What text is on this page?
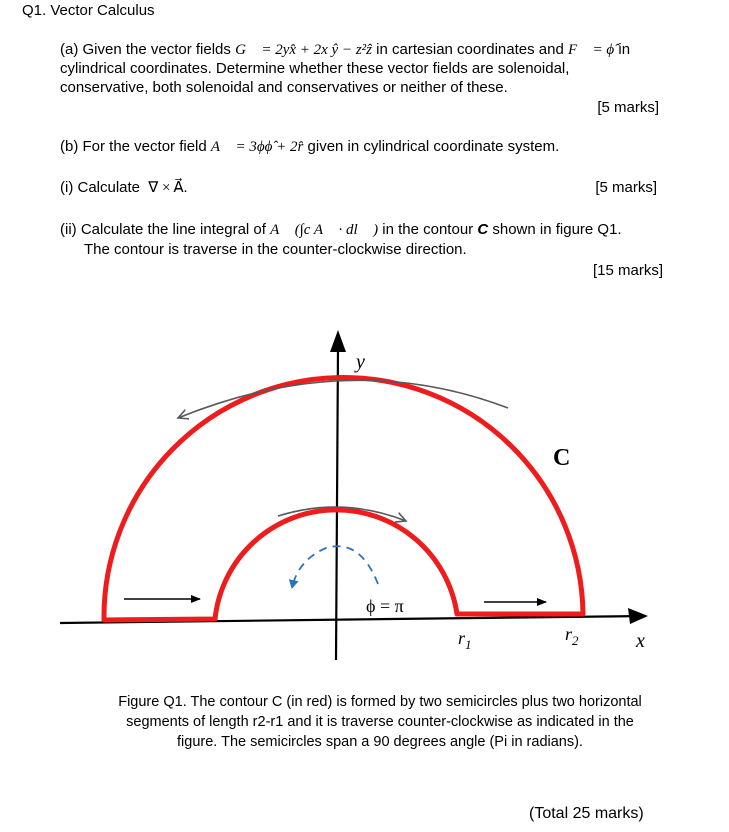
Q1. Vector Calculus
(a) Given the vector fields G⃗ = 2yx̂ + 2x ŷ − z²ẑ in cartesian coordinates and F⃗ = ϕ̂ in
cylindrical coordinates. Determine whether these vector fields are solenoidal,
conservative, both solenoidal and conservatives or neither of these.
[5 marks]
(b) For the vector field A⃗ = 3ϕϕ̂ + 2r̂ given in cylindrical coordinate system.
(i) Calculate ∇ × A⃗.	[5 marks]
(ii) Calculate the line integral of A⃗ (∫c A⃗ · dl⃗ ) in the contour C shown in figure Q1.
The contour is traverse in the counter-clockwise direction.
[15 marks]
y
x
C
ϕ = π
$r_1$
$r_2$
Figure Q1. The contour C (in red) is formed by two semicircles plus two horizontal
segments of length r2-r1 and it is traverse counter-clockwise as indicated in the
figure. The semicircles span a 90 degrees angle (Pi in radians).
(Total 25 marks)
